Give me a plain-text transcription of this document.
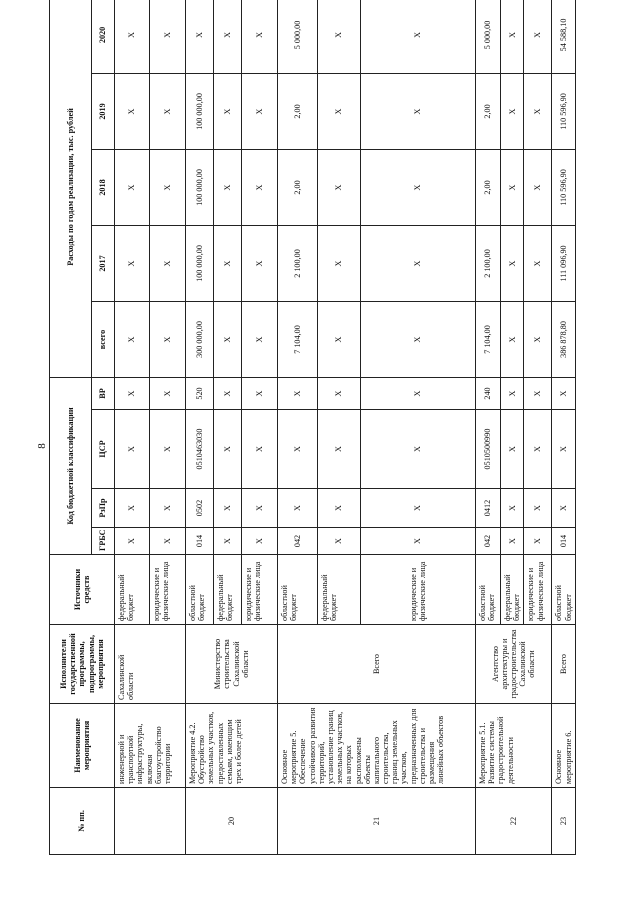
8
№ пп.	Наименование мероприятия	Исполнители государственной программы, подпрограммы, мероприятия	Источники средств	Код бюджетной классификации				Расходы по годам реализации, тыс. рублей				
				ГРБС	РзПр	ЦСР	ВР	всего	2017	2018	2019	2020
	инженерной и транспортной инфраструктуры, включая благоустройство территории	Сахалинской области	федеральный бюджет	X	X	X	X	X	X	X	X	X
			юридические и физические лица	X	X	X	X	X	X	X	X	X
20	Мероприятие 4.2. Обустройство земельных участков, предоставленных семьям, имеющим трех и более детей	Министерство строительства Сахалинской области	областной бюджет	014	0502	0510463030	520	300 000,00	100 000,00	100 000,00	100 000,00	X
			федеральный бюджет	X	X	X	X	X	X	X	X	X
			юридические и физические лица	X	X	X	X	X	X	X	X	X
21	Основное мероприятие 5. Обеспечение устойчивого развития территорий, установление границ земельных участков, на которых расположены объекты капитального строительства, границ земельных участков, предназначенных для строительства и размещения линейных объектов	Всего	областной бюджет	042	X	X	X	7 104,00	2 100,00	2,00	2,00	5 000,00
			федеральный бюджет	X	X	X	X	X	X	X	X	X
			юридические и физические лица	X	X	X	X	X	X	X	X	X
22	Мероприятие 5.1. Развитие системы градостроительной деятельности	Агентство архитектуры и градостроительства Сахалинской области	областной бюджет	042	0412	0510500990	240	7 104,00	2 100,00	2,00	2,00	5 000,00
			федеральный бюджет	X	X	X	X	X	X	X	X	X
			юридические и физические лица	X	X	X	X	X	X	X	X	X
23	Основное мероприятие 6.	Всего	областной бюджет	014	X	X	X	386 878,80	111 096,90	110 596,90	110 596,90	54 588,10
